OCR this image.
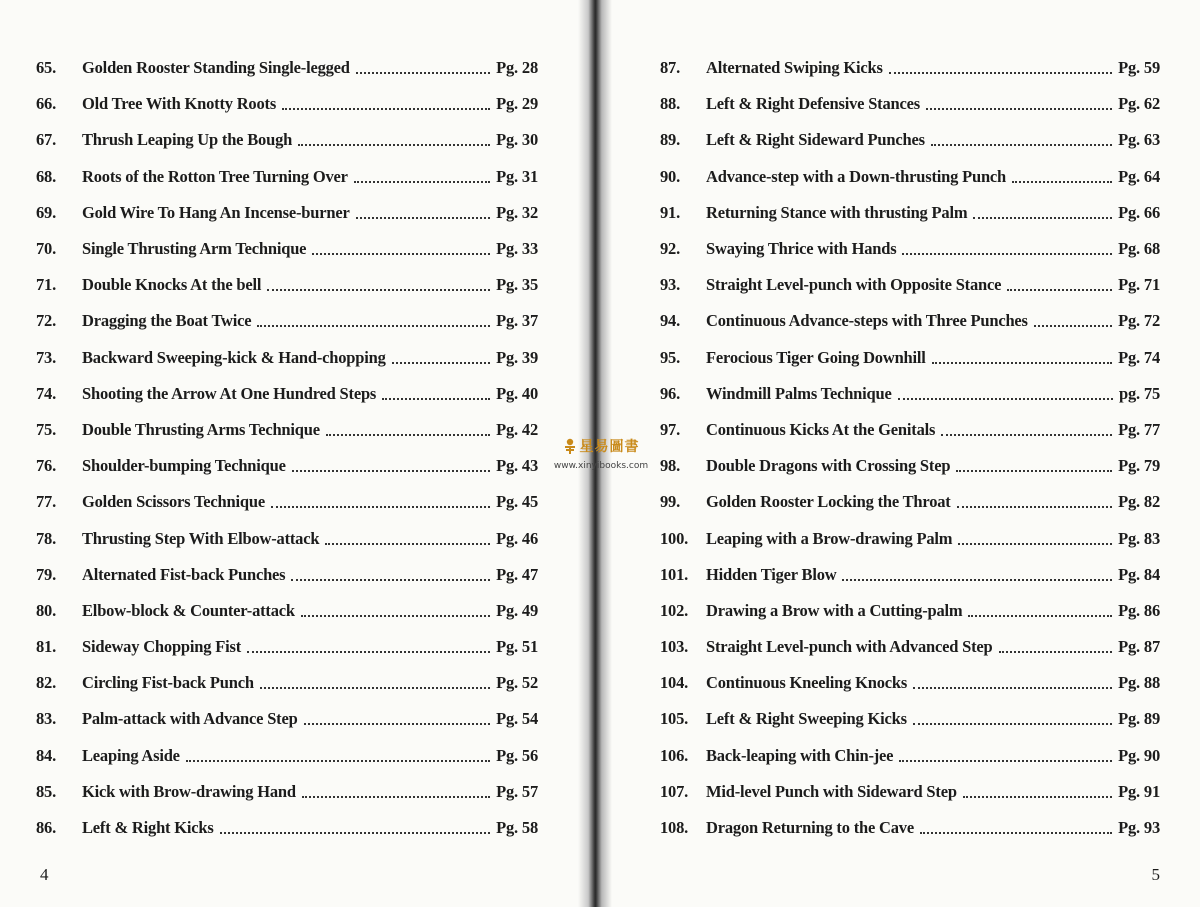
65.	Golden Rooster Standing Single-legged	Pg. 28
66.	Old Tree With Knotty Roots	Pg. 29
67.	Thrush Leaping Up the Bough	Pg. 30
68.	Roots of the Rotton Tree Turning Over	Pg. 31
69.	Gold Wire To Hang An Incense-burner	Pg. 32
70.	Single Thrusting Arm Technique	Pg. 33
71.	Double Knocks At the bell	Pg. 35
72.	Dragging the Boat Twice	Pg. 37
73.	Backward Sweeping-kick & Hand-chopping	Pg. 39
74.	Shooting the Arrow At One Hundred Steps	Pg. 40
75.	Double Thrusting Arms Technique	Pg. 42
76.	Shoulder-bumping Technique	Pg. 43
77.	Golden Scissors Technique	Pg. 45
78.	Thrusting Step With Elbow-attack	Pg. 46
79.	Alternated Fist-back Punches	Pg. 47
80.	Elbow-block & Counter-attack	Pg. 49
81.	Sideway Chopping Fist	Pg. 51
82.	Circling Fist-back Punch	Pg. 52
83.	Palm-attack with Advance Step	Pg. 54
84.	Leaping Aside	Pg. 56
85.	Kick with Brow-drawing Hand	Pg. 57
86.	Left & Right Kicks	Pg. 58
4
87.	Alternated Swiping Kicks	Pg. 59
88.	Left & Right Defensive Stances	Pg. 62
89.	Left & Right Sideward Punches	Pg. 63
90.	Advance-step with a Down-thrusting Punch	Pg. 64
91.	Returning Stance with thrusting Palm	Pg. 66
92.	Swaying Thrice with Hands	Pg. 68
93.	Straight Level-punch with Opposite Stance	Pg. 71
94.	Continuous Advance-steps with Three Punches	Pg. 72
95.	Ferocious Tiger Going Downhill	Pg. 74
96.	Windmill Palms Technique	pg. 75
97.	Continuous Kicks At the Genitals	Pg. 77
98.	Double Dragons with Crossing Step	Pg. 79
99.	Golden Rooster Locking the Throat	Pg. 82
100.	Leaping with a Brow-drawing Palm	Pg. 83
101.	Hidden Tiger Blow	Pg. 84
102.	Drawing a Brow with a Cutting-palm	Pg. 86
103.	Straight Level-punch with Advanced Step	Pg. 87
104.	Continuous Kneeling Knocks	Pg. 88
105.	Left & Right Sweeping Kicks	Pg. 89
106.	Back-leaping with Chin-jee	Pg. 90
107.	Mid-level Punch with Sideward Step	Pg. 91
108.	Dragon Returning to the Cave	Pg. 93
5
星易圖書
www.xinyibooks.com
